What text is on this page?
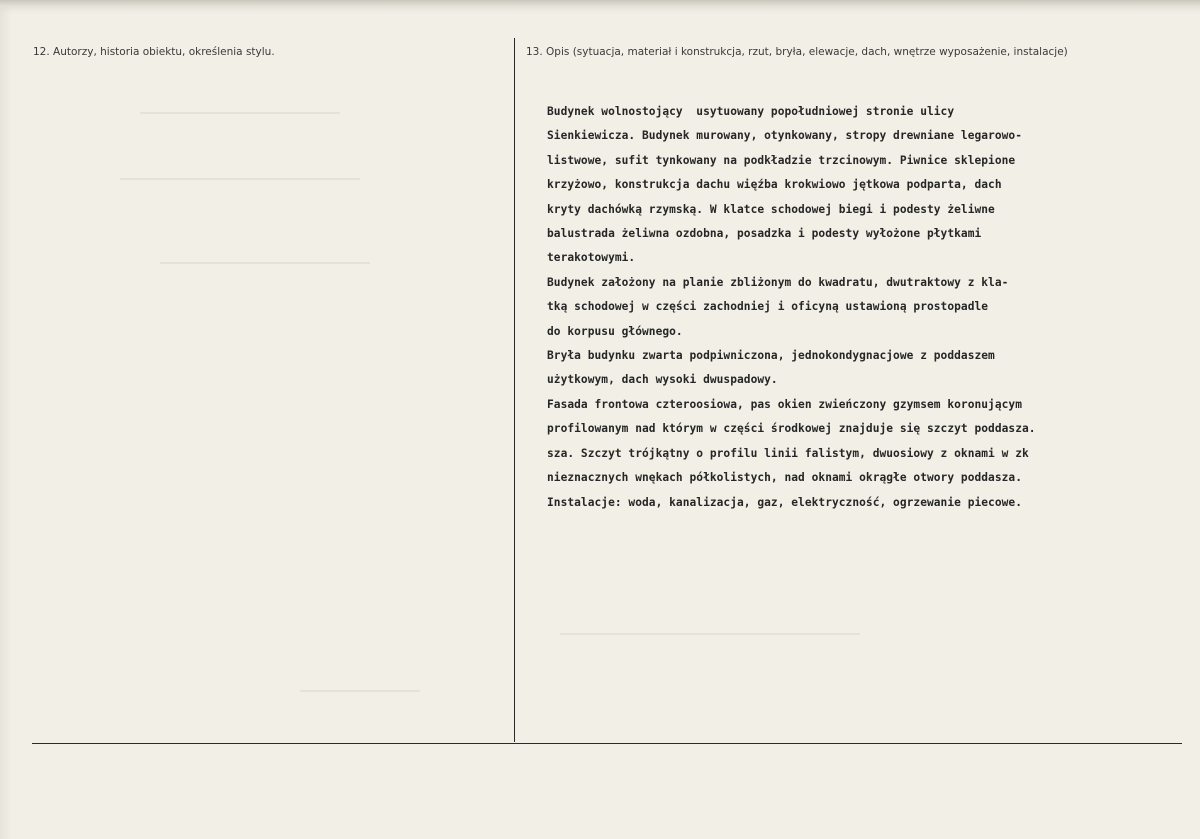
12. Autorzy, historia obiektu, określenia stylu.	13. Opis (sytuacja, materiał i konstrukcja, rzut, bryła, elewacje, dach, wnętrze wyposażenie, instalacje)
Budynek wolnostojący  usytuowany popołudniowej stronie ulicy
Sienkiewicza. Budynek murowany, otynkowany, stropy drewniane legarowo-
listwowe, sufit tynkowany na podkładzie trzcinowym. Piwnice sklepione
krzyżowo, konstrukcja dachu więźba krokwiowo jętkowa podparta, dach
kryty dachówką rzymską. W klatce schodowej biegi i podesty żeliwne
balustrada żeliwna ozdobna, posadzka i podesty wyłożone płytkami
terakotowymi.
Budynek założony na planie zbliżonym do kwadratu, dwutraktowy z kla-
tką schodowej w części zachodniej i oficyną ustawioną prostopadle
do korpusu głównego.
Bryła budynku zwarta podpiwniczona, jednokondygnacjowe z poddaszem
użytkowym, dach wysoki dwuspadowy.
Fasada frontowa czteroosiowa, pas okien zwieńczony gzymsem koronującym
profilowanym nad którym w części środkowej znajduje się szczyt poddasza.
sza. Szczyt trójkątny o profilu linii falistym, dwuosiowy z oknami w zk
nieznacznych wnękach półkolistych, nad oknami okrągłe otwory poddasza.
Instalacje: woda, kanalizacja, gaz, elektryczność, ogrzewanie piecowe.
